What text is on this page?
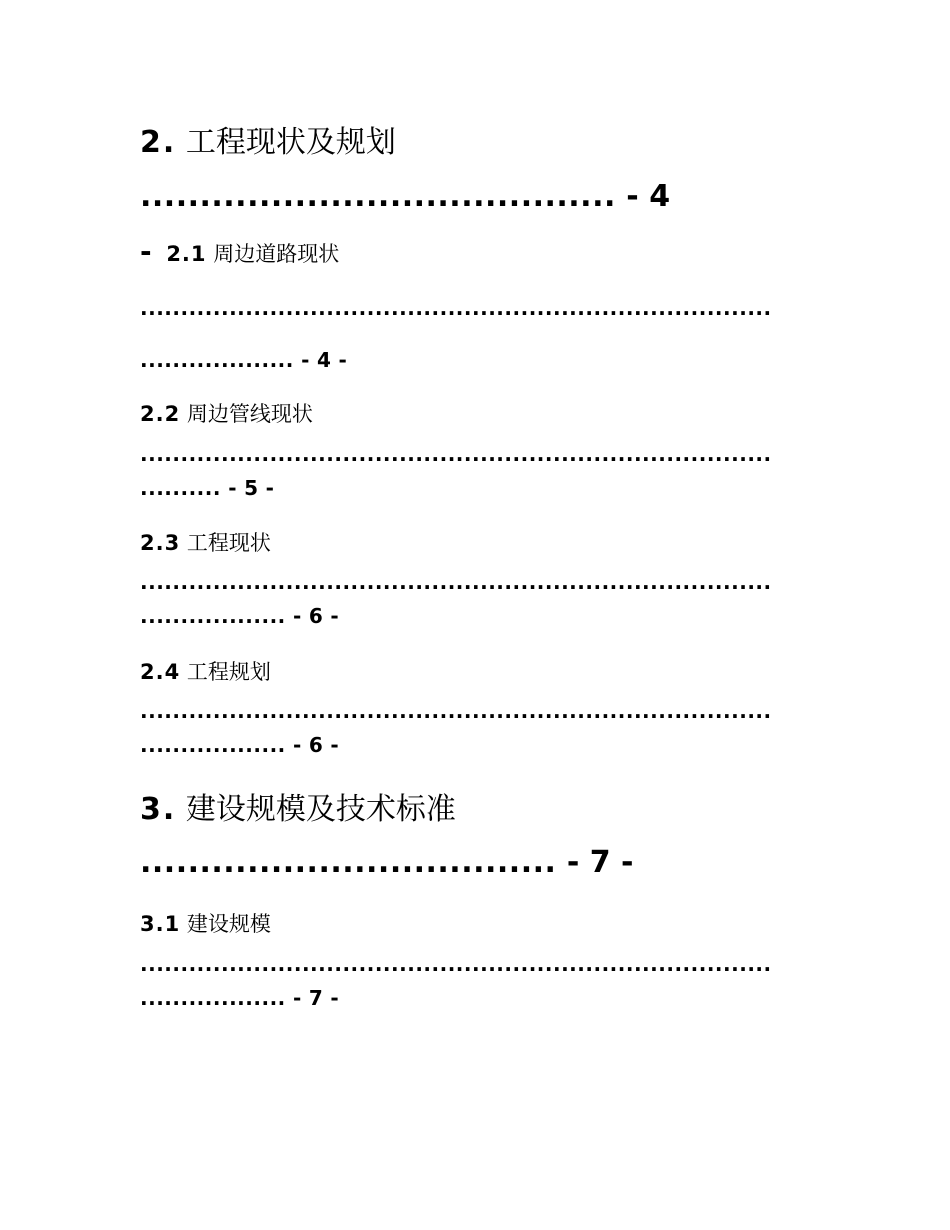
2. 工程现状及规划
........................................ - 4
- 2.1 周边道路现状
..............................................................................
................... - 4 -
2.2 周边管线现状
..............................................................................
.......... - 5 -
2.3 工程现状
..............................................................................
.................. - 6 -
2.4 工程规划
..............................................................................
.................. - 6 -
3. 建设规模及技术标准
................................... - 7 -
3.1 建设规模
..............................................................................
.................. - 7 -
